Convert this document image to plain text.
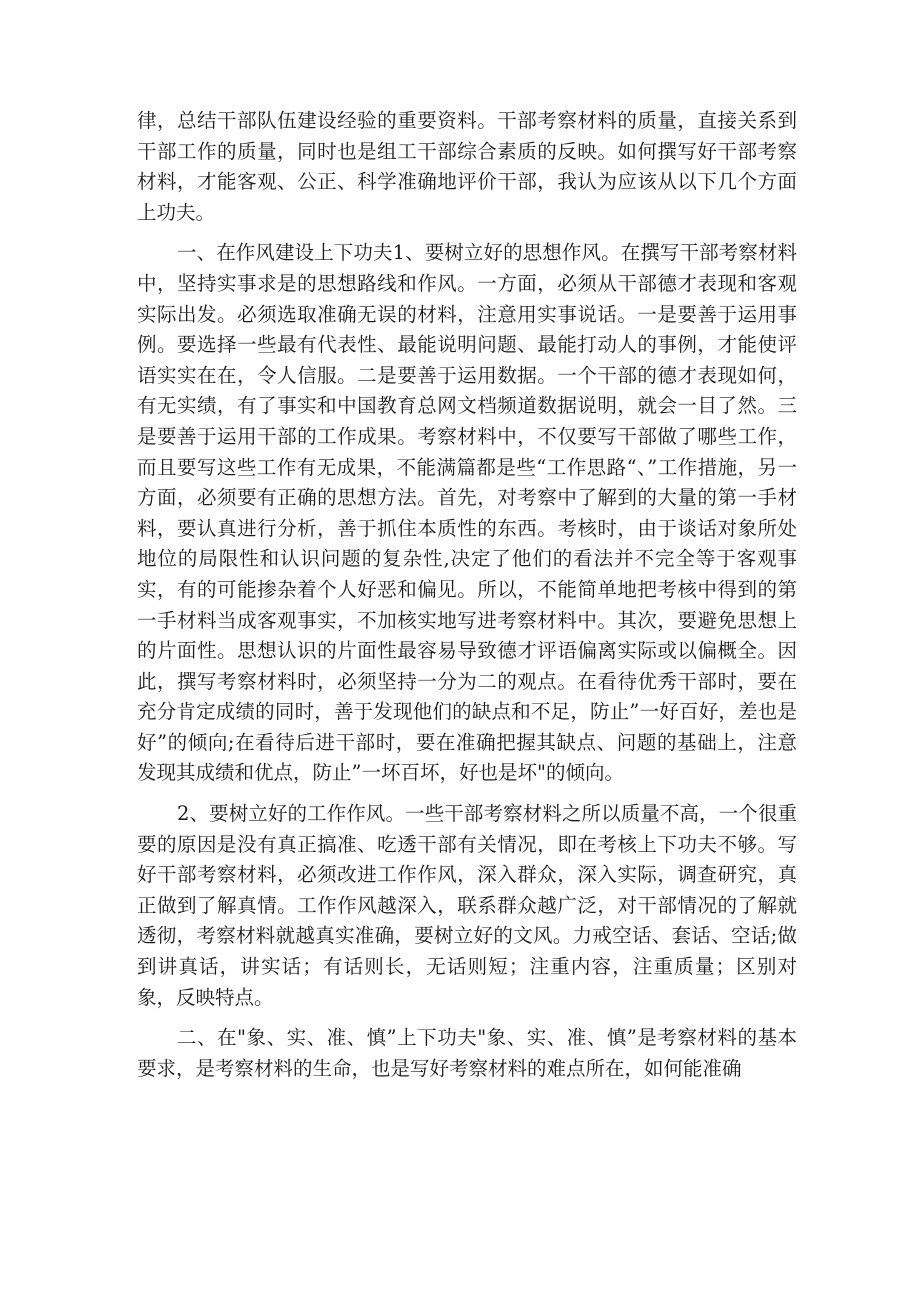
律，总结干部队伍建设经验的重要资料。干部考察材料的质量，直接关系到干部工作的质量，同时也是组工干部综合素质的反映。如何撰写好干部考察材料，才能客观、公正、科学准确地评价干部，我认为应该从以下几个方面上功夫。

一、在作风建设上下功夫1、要树立好的思想作风。在撰写干部考察材料中，坚持实事求是的思想路线和作风。一方面，必须从干部德才表现和客观实际出发。必须选取准确无误的材料，注意用实事说话。一是要善于运用事例。要选择一些最有代表性、最能说明问题、最能打动人的事例，才能使评语实实在在，令人信服。二是要善于运用数据。一个干部的德才表现如何，有无实绩，有了事实和中国教育总网文档频道数据说明，就会一目了然。三是要善于运用干部的工作成果。考察材料中，不仅要写干部做了哪些工作，而且要写这些工作有无成果，不能满篇都是些“工作思路“、”工作措施，另一方面，必须要有正确的思想方法。首先，对考察中了解到的大量的第一手材料，要认真进行分析，善于抓住本质性的东西。考核时，由于谈话对象所处地位的局限性和认识问题的复杂性,决定了他们的看法并不完全等于客观事实，有的可能掺杂着个人好恶和偏见。所以，不能简单地把考核中得到的第一手材料当成客观事实，不加核实地写进考察材料中。其次，要避免思想上的片面性。思想认识的片面性最容易导致德才评语偏离实际或以偏概全。因此，撰写考察材料时，必须坚持一分为二的观点。在看待优秀干部时，要在充分肯定成绩的同时，善于发现他们的缺点和不足，防止”一好百好，差也是好”的倾向;在看待后进干部时，要在准确把握其缺点、问题的基础上，注意发现其成绩和优点，防止”一坏百坏，好也是坏"的倾向。

2、要树立好的工作作风。一些干部考察材料之所以质量不高，一个很重要的原因是没有真正搞准、吃透干部有关情况，即在考核上下功夫不够。写好干部考察材料，必须改进工作作风，深入群众，深入实际，调查研究，真正做到了解真情。工作作风越深入，联系群众越广泛，对干部情况的了解就透彻，考察材料就越真实准确，要树立好的文风。力戒空话、套话、空话;做到讲真话，讲实话；有话则长，无话则短；注重内容，注重质量；区别对象，反映特点。

二、在"象、实、准、慎”上下功夫"象、实、准、慎”是考察材料的基本要求，是考察材料的生命，也是写好考察材料的难点所在，如何能准确
